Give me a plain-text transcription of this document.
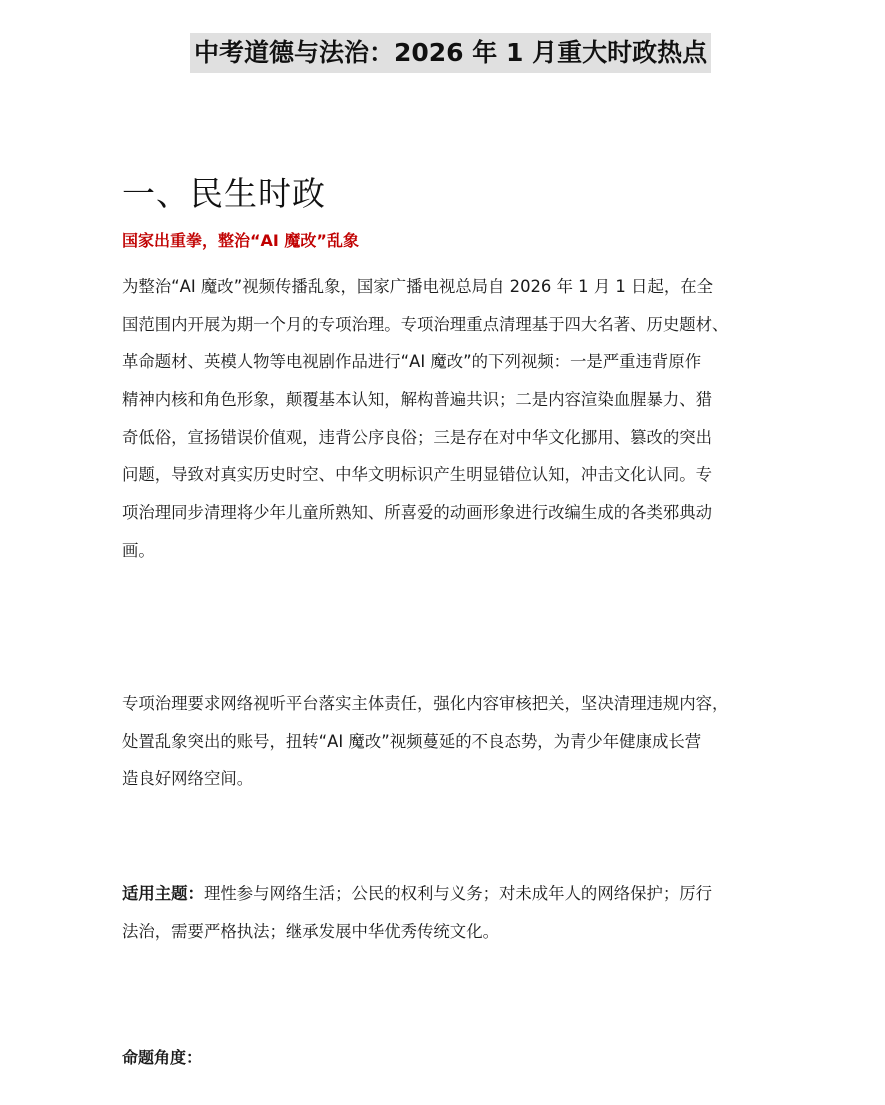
中考道德与法治：2026 年 1 月重大时政热点
一、民生时政
国家出重拳，整治“AI 魔改”乱象
为整治“AI 魔改”视频传播乱象，国家广播电视总局自 2026 年 1 月 1 日起，在全
国范围内开展为期一个月的专项治理。专项治理重点清理基于四大名著、历史题材、
革命题材、英模人物等电视剧作品进行“AI 魔改”的下列视频：一是严重违背原作
精神内核和角色形象，颠覆基本认知，解构普遍共识；二是内容渲染血腥暴力、猎
奇低俗，宣扬错误价值观，违背公序良俗；三是存在对中华文化挪用、篡改的突出
问题，导致对真实历史时空、中华文明标识产生明显错位认知，冲击文化认同。专
项治理同步清理将少年儿童所熟知、所喜爱的动画形象进行改编生成的各类邪典动
画。
专项治理要求网络视听平台落实主体责任，强化内容审核把关，坚决清理违规内容，
处置乱象突出的账号，扭转“AI 魔改”视频蔓延的不良态势，为青少年健康成长营
造良好网络空间。
适用主题：理性参与网络生活；公民的权利与义务；对未成年人的网络保护；厉行
法治，需要严格执法；继承发展中华优秀传统文化。
命题角度：
